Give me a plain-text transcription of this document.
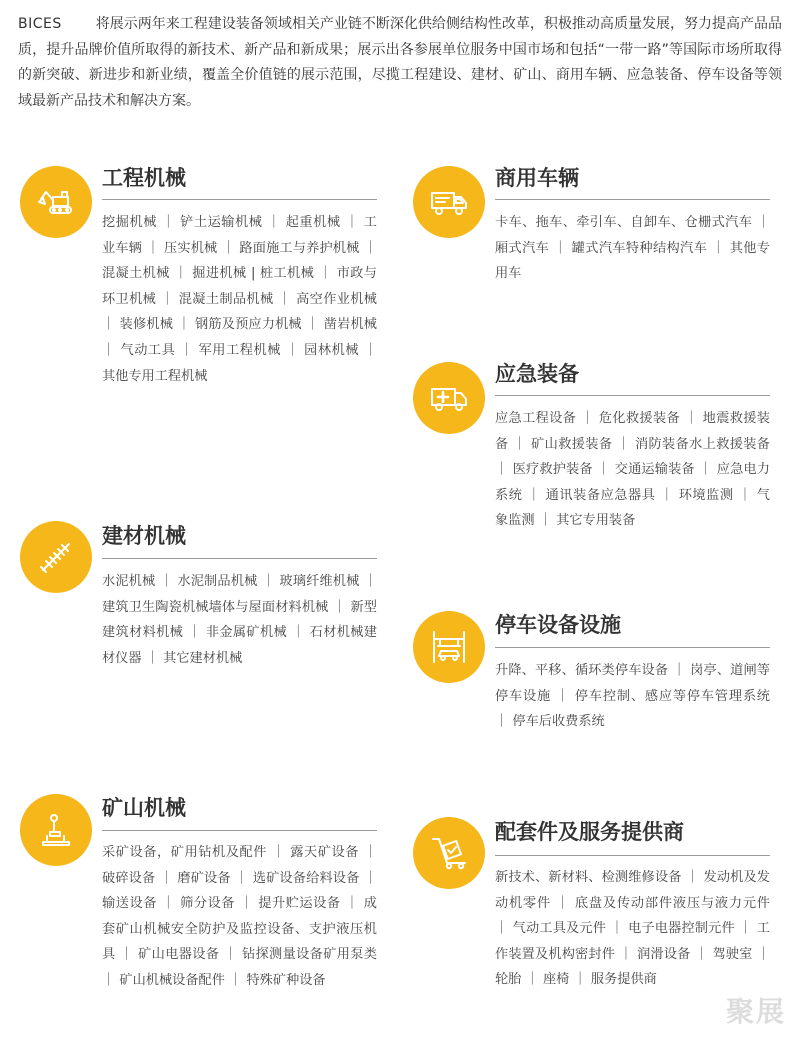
BICES 将展示两年来工程建设装备领域相关产业链不断深化供给侧结构性改革，积极推动高质量发展，努力提高产品品质，提升品牌价值所取得的新技术、新产品和新成果；展示出各参展单位服务中国市场和包括“一带一路”等国际市场所取得的新突破、新进步和新业绩，覆盖全价值链的展示范围，尽揽工程建设、建材、矿山、商用车辆、应急装备、停车设备等领域最新产品技术和解决方案。
工程机械
挖掘机械 ｜ 铲土运输机械 ｜ 起重机械 ｜ 工业车辆 ｜ 压实机械 ｜ 路面施工与养护机械 ｜ 混凝土机械 ｜ 掘进机械 | 桩工机械 ｜ 市政与环卫机械 ｜ 混凝土制品机械 ｜ 高空作业机械 ｜ 装修机械 ｜ 钢筋及预应力机械 ｜ 凿岩机械 ｜ 气动工具 ｜ 军用工程机械 ｜ 园林机械 ｜ 其他专用工程机械
商用车辆
卡车、拖车、牵引车、自卸车、仓栅式汽车 ｜ 厢式汽车 ｜ 罐式汽车特种结构汽车 ｜ 其他专用车
应急装备
应急工程设备 ｜ 危化救援装备 ｜ 地震救援装备 ｜ 矿山救援装备 ｜ 消防装备水上救援装备 ｜ 医疗救护装备 ｜ 交通运输装备 ｜ 应急电力系统 ｜ 通讯装备应急器具 ｜ 环境监测 ｜ 气象监测 ｜ 其它专用装备
建材机械
水泥机械 ｜ 水泥制品机械 ｜ 玻璃纤维机械 ｜ 建筑卫生陶瓷机械墙体与屋面材料机械 ｜ 新型建筑材料机械 ｜ 非金属矿机械 ｜ 石材机械建材仪器 ｜ 其它建材机械
停车设备设施
升降、平移、循环类停车设备 ｜ 岗亭、道闸等停车设施 ｜ 停车控制、感应等停车管理系统 ｜ 停车后收费系统
矿山机械
采矿设备，矿用钻机及配件 ｜ 露天矿设备 ｜ 破碎设备 ｜ 磨矿设备 ｜ 选矿设备给料设备 ｜ 输送设备 ｜ 筛分设备 ｜ 提升贮运设备 ｜ 成套矿山机械安全防护及监控设备、支护液压机具 ｜ 矿山电器设备 ｜ 钻探测量设备矿用泵类 ｜ 矿山机械设备配件 ｜ 特殊矿种设备
配套件及服务提供商
新技术、新材料、检测维修设备 ｜ 发动机及发动机零件 ｜ 底盘及传动部件液压与液力元件 ｜ 气动工具及元件 ｜ 电子电器控制元件 ｜ 工作装置及机构密封件 ｜ 润滑设备 ｜ 驾驶室 ｜ 轮胎 ｜ 座椅 ｜ 服务提供商
聚展
